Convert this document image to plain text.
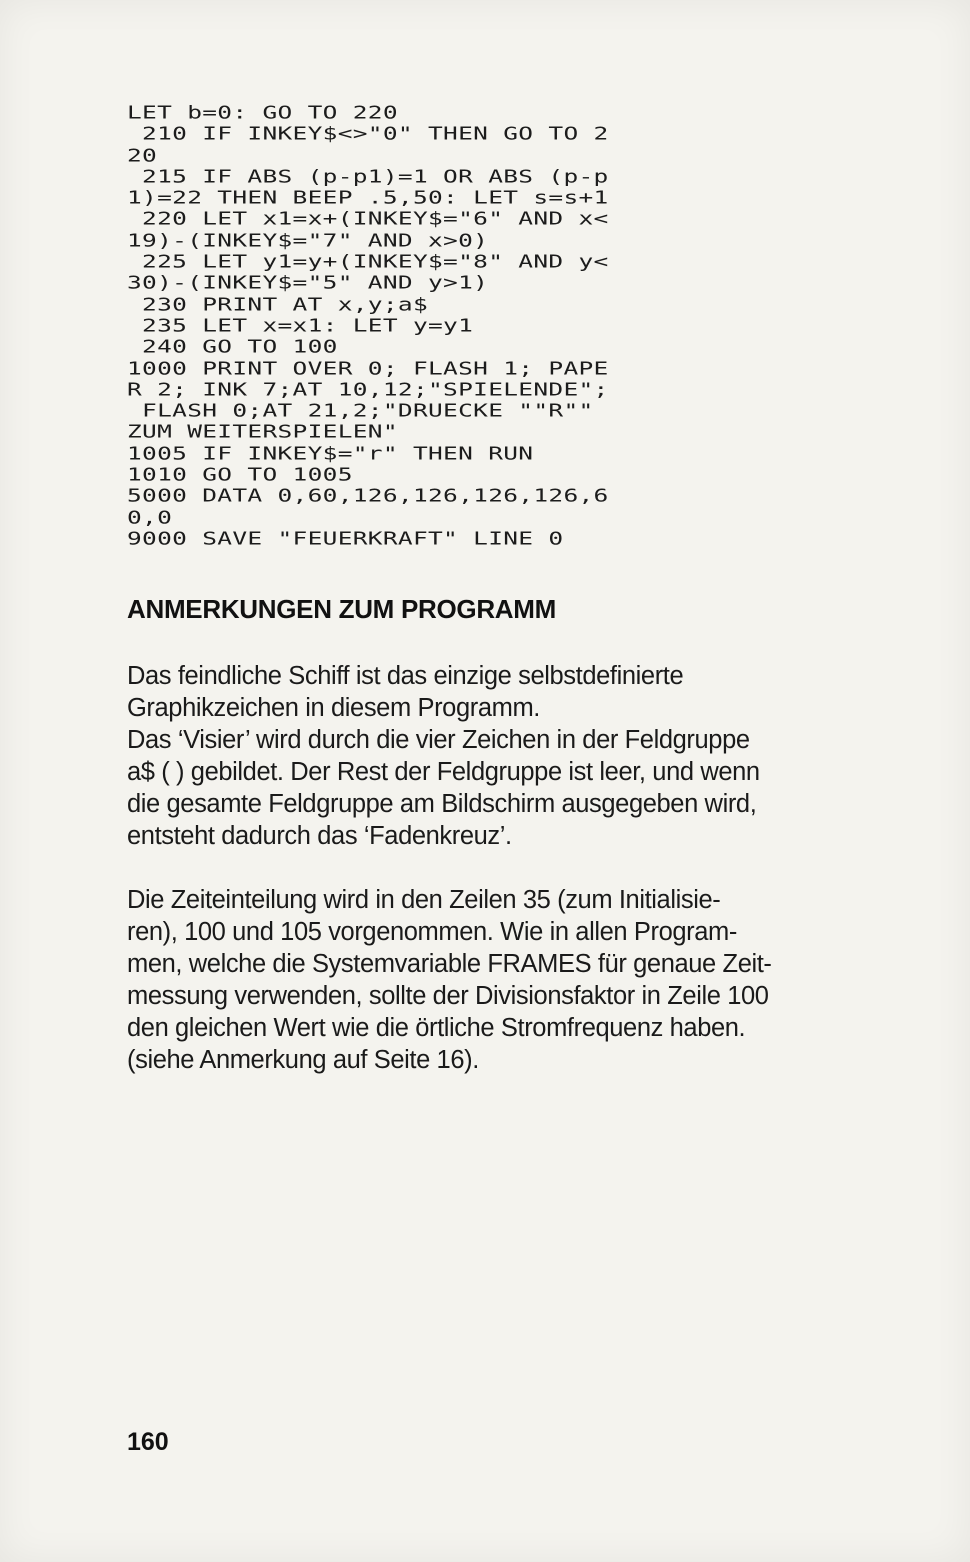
LET b=0: GO TO 220
210 IF INKEY$<>"0" THEN GO TO 2
20
215 IF ABS (p-p1)=1 OR ABS (p-p
1)=22 THEN BEEP .5,50: LET s=s+1
220 LET x1=x+(INKEY$="6" AND x<
19)-(INKEY$="7" AND x>0)
225 LET y1=y+(INKEY$="8" AND y<
30)-(INKEY$="5" AND y>1)
230 PRINT AT x,y;a$
235 LET x=x1: LET y=y1
240 GO TO 100
1000 PRINT OVER 0; FLASH 1; PAPE
R 2; INK 7;AT 10,12;"SPIELENDE";
FLASH 0;AT 21,2;"DRUECKE ""R""
ZUM WEITERSPIELEN"
1005 IF INKEY$="r" THEN RUN
1010 GO TO 1005
5000 DATA 0,60,126,126,126,126,6
0,0
9000 SAVE "FEUERKRAFT" LINE 0
ANMERKUNGEN ZUM PROGRAMM
Das feindliche Schiff ist das einzige selbstdefinierte
Graphikzeichen in diesem Programm.
Das ‘Visier’ wird durch die vier Zeichen in der Feldgruppe
a$ ( ) gebildet. Der Rest der Feldgruppe ist leer, und wenn
die gesamte Feldgruppe am Bildschirm ausgegeben wird,
entsteht dadurch das ‘Fadenkreuz’.
Die Zeiteinteilung wird in den Zeilen 35 (zum Initialisie-
ren), 100 und 105 vorgenommen. Wie in allen Program-
men, welche die Systemvariable FRAMES für genaue Zeit-
messung verwenden, sollte der Divisionsfaktor in Zeile 100
den gleichen Wert wie die örtliche Stromfrequenz haben.
(siehe Anmerkung auf Seite 16).
160
